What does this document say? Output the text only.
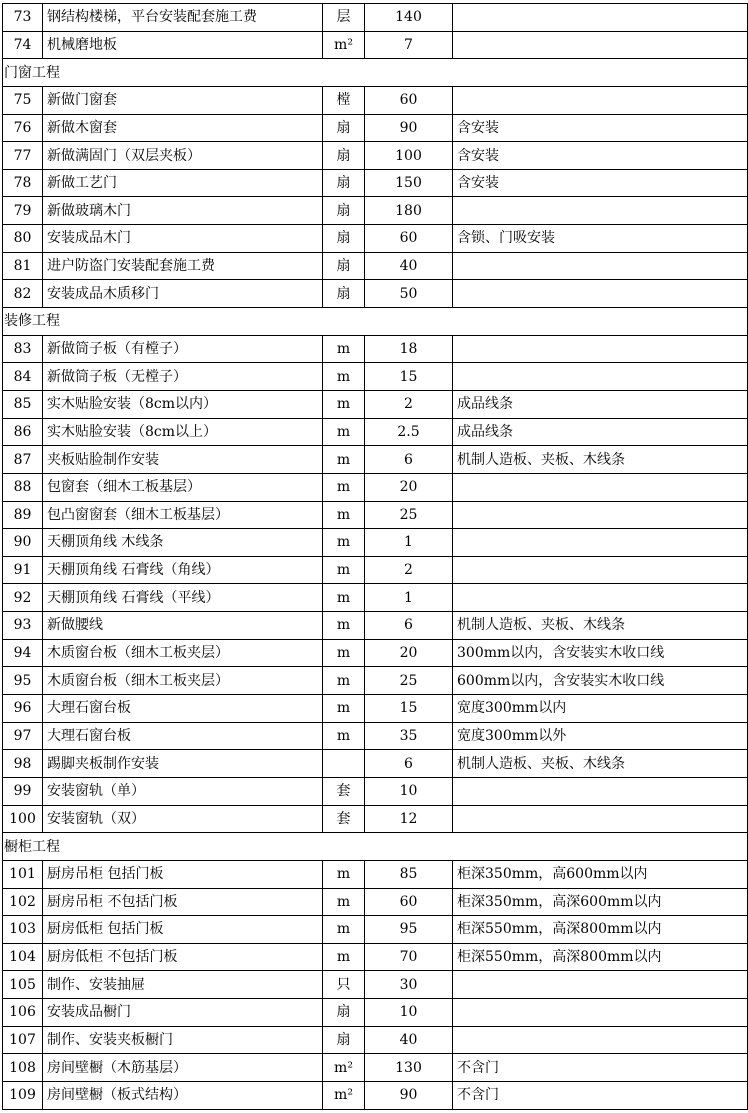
73	钢结构楼梯，平台安装配套施工费	层	140	
74	机械磨地板	m²	7	
门窗工程				
75	新做门窗套	樘	60	
76	新做木窗套	扇	90	含安装
77	新做满固门（双层夹板）	扇	100	含安装
78	新做工艺门	扇	150	含安装
79	新做玻璃木门	扇	180	
80	安装成品木门	扇	60	含锁、门吸安装
81	进户防盗门安装配套施工费	扇	40	
82	安装成品木质移门	扇	50	
装修工程				
83	新做筒子板（有樘子）	m	18	
84	新做筒子板（无樘子）	m	15	
85	实木贴脸安装（8cm以内）	m	2	成品线条
86	实木贴脸安装（8cm以上）	m	2.5	成品线条
87	夹板贴脸制作安装	m	6	机制人造板、夹板、木线条
88	包窗套（细木工板基层）	m	20	
89	包凸窗窗套（细木工板基层）	m	25	
90	天棚顶角线 木线条	m	1	
91	天棚顶角线 石膏线（角线）	m	2	
92	天棚顶角线 石膏线（平线）	m	1	
93	新做腰线	m	6	机制人造板、夹板、木线条
94	木质窗台板（细木工板夹层）	m	20	300mm以内，含安装实木收口线
95	木质窗台板（细木工板夹层）	m	25	600mm以内，含安装实木收口线
96	大理石窗台板	m	15	宽度300mm以内
97	大理石窗台板	m	35	宽度300mm以外
98	踢脚夹板制作安装		6	机制人造板、夹板、木线条
99	安装窗轨（单）	套	10	
100	安装窗轨（双）	套	12	
橱柜工程				
101	厨房吊柜 包括门板	m	85	柜深350mm，高600mm以内
102	厨房吊柜 不包括门板	m	60	柜深350mm，高深600mm以内
103	厨房低柜 包括门板	m	95	柜深550mm，高深800mm以内
104	厨房低柜 不包括门板	m	70	柜深550mm，高深800mm以内
105	制作、安装抽屉	只	30	
106	安装成品橱门	扇	10	
107	制作、安装夹板橱门	扇	40	
108	房间壁橱（木筋基层）	m²	130	不含门
109	房间壁橱（板式结构）	m²	90	不含门
